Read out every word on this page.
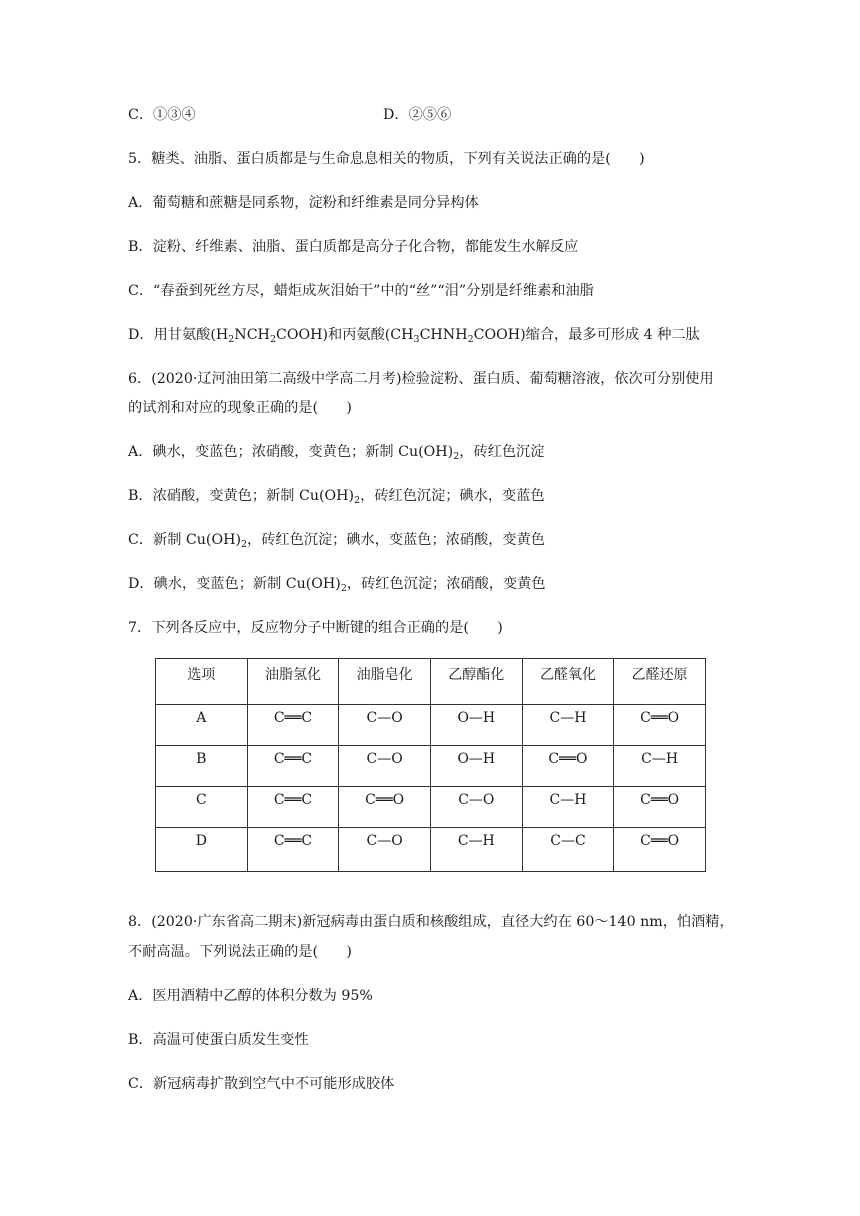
C．①③④	D．②⑤⑥
5．糖类、油脂、蛋白质都是与生命息息相关的物质，下列有关说法正确的是(　　)
A．葡萄糖和蔗糖是同系物，淀粉和纤维素是同分异构体
B．淀粉、纤维素、油脂、蛋白质都是高分子化合物，都能发生水解反应
C．“春蚕到死丝方尽，蜡炬成灰泪始干”中的“丝”“泪”分别是纤维素和油脂
D．用甘氨酸$(H_2NCH_2COOH)$和丙氨酸$(CH_3CHNH_2COOH)$缩合，最多可形成 4 种二肽
6．(2020·辽河油田第二高级中学高二月考)检验淀粉、蛋白质、葡萄糖溶液，依次可分别使用
的试剂和对应的现象正确的是(　　)
A．碘水，变蓝色；浓硝酸，变黄色；新制 $Cu(OH)_2$，砖红色沉淀
B．浓硝酸，变黄色；新制 $Cu(OH)_2$，砖红色沉淀；碘水，变蓝色
C．新制 $Cu(OH)_2$，砖红色沉淀；碘水，变蓝色；浓硝酸，变黄色
D．碘水，变蓝色；新制 $Cu(OH)_2$，砖红色沉淀；浓硝酸，变黄色
7．下列各反应中，反应物分子中断键的组合正确的是(　　)
选项	油脂氢化	油脂皂化	乙醇酯化	乙醛氧化	乙醛还原
A	C══C	C—O	O—H	C—H	C══O
B	C══C	C—O	O—H	C══O	C—H
C	C══C	C══O	C—O	C—H	C══O
D	C══C	C—O	C—H	C—C	C══O
8．(2020·广东省高二期末)新冠病毒由蛋白质和核酸组成，直径大约在 60～140 nm，怕酒精，
不耐高温。下列说法正确的是(　　)
A．医用酒精中乙醇的体积分数为 95%
B．高温可使蛋白质发生变性
C．新冠病毒扩散到空气中不可能形成胶体
